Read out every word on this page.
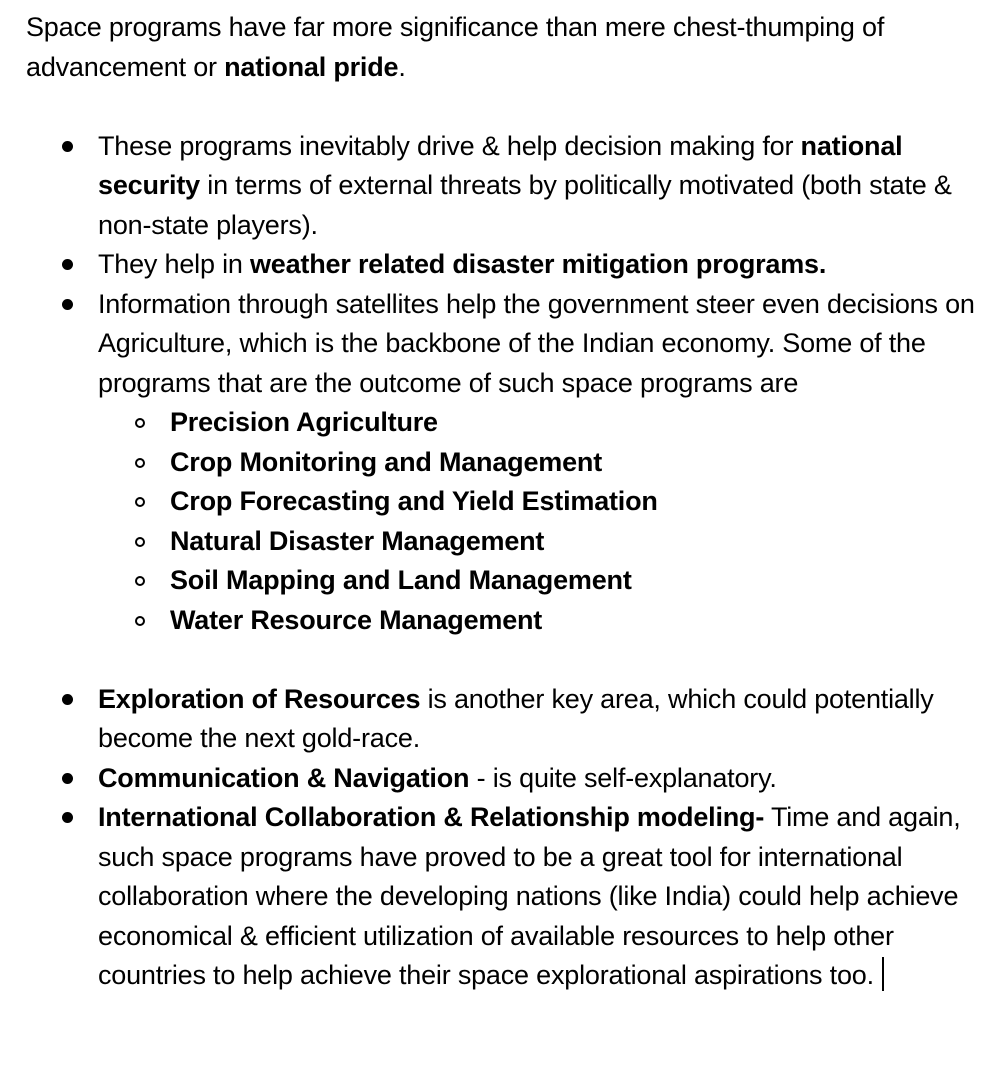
Space programs have far more significance than mere chest-thumping of advancement or national pride.

These programs inevitably drive & help decision making for national security in terms of external threats by politically motivated (both state & non-state players).
They help in weather related disaster mitigation programs.
Information through satellites help the government steer even decisions on Agriculture, which is the backbone of the Indian economy. Some of the programs that are the outcome of such space programs are
Precision Agriculture
Crop Monitoring and Management
Crop Forecasting and Yield Estimation
Natural Disaster Management
Soil Mapping and Land Management
Water Resource Management
Exploration of Resources is another key area, which could potentially become the next gold-race.
Communication & Navigation - is quite self-explanatory.
International Collaboration & Relationship modeling- Time and again, such space programs have proved to be a great tool for international collaboration where the developing nations (like India) could help achieve economical & efficient utilization of available resources to help other countries to help achieve their space explorational aspirations too.
